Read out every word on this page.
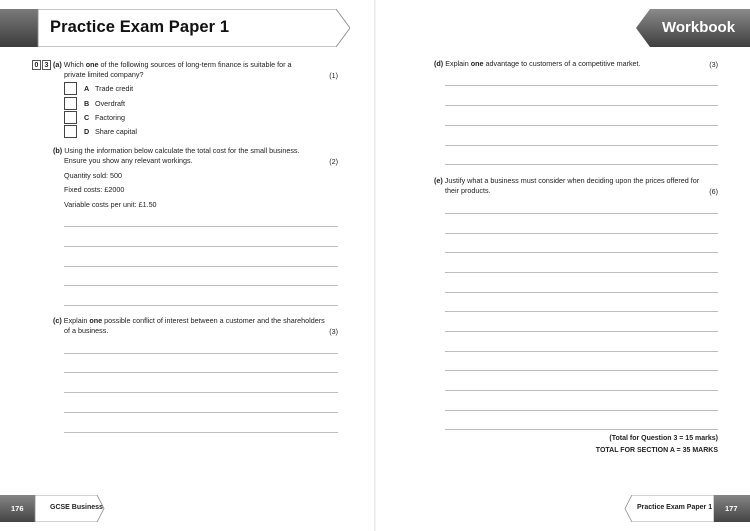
Practice Exam Paper 1	Workbook
0 3 (a) Which one of the following sources of long-term finance is suitable for a
private limited company?	(1)
A Trade credit
B Overdraft
C Factoring
D Share capital
(b) Using the information below calculate the total cost for the small business.
Ensure you show any relevant workings.	(2)
Quantity sold: 500
Fixed costs: £2000
Variable costs per unit: £1.50
(c) Explain one possible conflict of interest between a customer and the shareholders
of a business.	(3)
(d) Explain one advantage to customers of a competitive market.	(3)
(e) Justify what a business must consider when deciding upon the prices offered for
their products.	(6)
(Total for Question 3 = 15 marks)
TOTAL FOR SECTION A = 35 MARKS
176	GCSE Business	Practice Exam Paper 1 177
